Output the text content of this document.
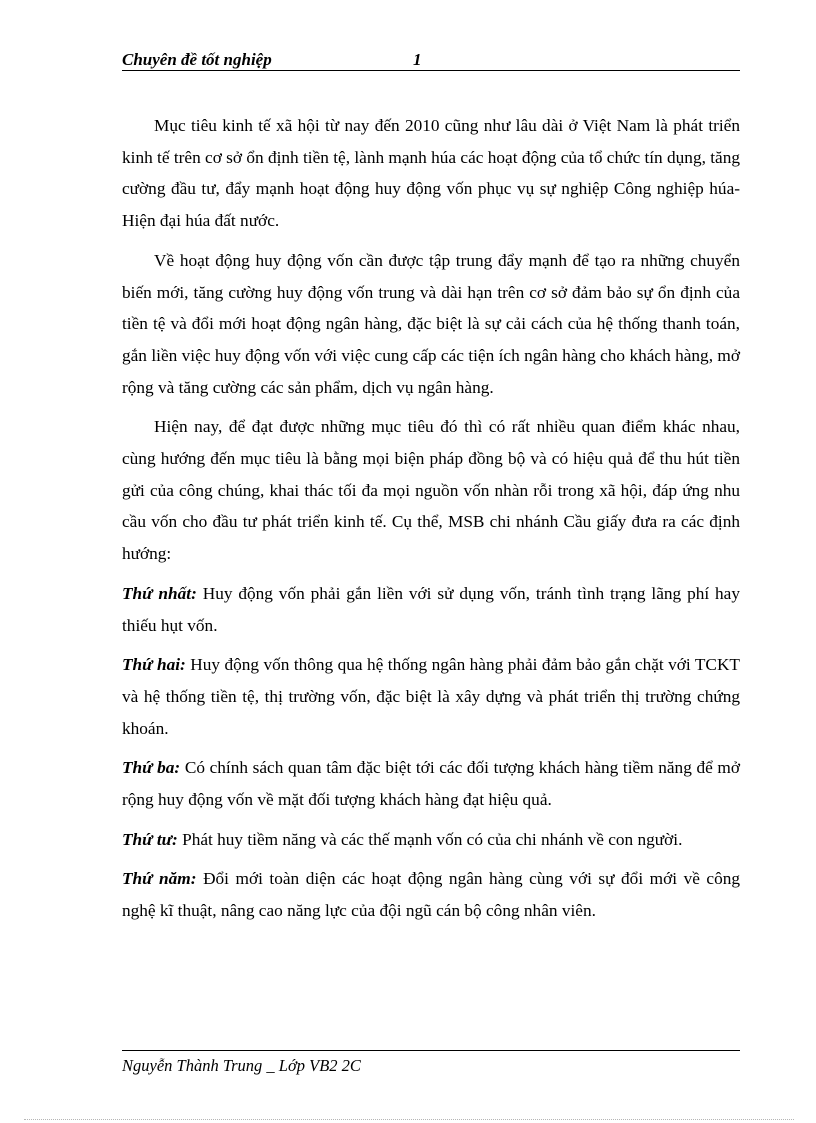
Chuyên đề tốt nghiệp	1

Mục tiêu kinh tế xã hội từ nay đến 2010 cũng như lâu dài ở Việt Nam là phát triển kinh tế trên cơ sở ổn định tiền tệ, lành mạnh húa các hoạt động của tổ chức tín dụng, tăng cường đầu tư, đẩy mạnh hoạt động huy động vốn phục vụ sự nghiệp Công nghiệp húa- Hiện đại húa đất nước.

Về hoạt động huy động vốn cần được tập trung đẩy mạnh để tạo ra những chuyển biến mới, tăng cường huy động vốn trung và dài hạn trên cơ sở đảm bảo sự ổn định của tiền tệ và đổi mới hoạt động ngân hàng, đặc biệt là sự cải cách của hệ thống thanh toán, gắn liền việc huy động vốn với việc cung cấp các tiện ích ngân hàng cho khách hàng, mở rộng và tăng cường các sản phẩm, dịch vụ ngân hàng.

Hiện nay, để đạt được những mục tiêu đó thì có rất nhiều quan điểm khác nhau, cùng hướng đến mục tiêu là bằng mọi biện pháp đồng bộ và có hiệu quả để thu hút tiền gửi của công chúng, khai thác tối đa mọi nguồn vốn nhàn rỗi trong xã hội, đáp ứng nhu cầu vốn cho đầu tư phát triển kinh tế. Cụ thể, MSB chi nhánh Cầu giấy đưa ra các định hướng:

Thứ nhất: Huy động vốn phải gắn liền với sử dụng vốn, tránh tình trạng lãng phí hay thiếu hụt vốn.

Thứ hai: Huy động vốn thông qua hệ thống ngân hàng phải đảm bảo gắn chặt với TCKT và hệ thống tiền tệ, thị trường vốn, đặc biệt là xây dựng và phát triển thị trường chứng khoán.

Thứ ba: Có chính sách quan tâm đặc biệt tới các đối tượng khách hàng tiềm năng để mở rộng huy động vốn về mặt đối tượng khách hàng đạt hiệu quả.

Thứ tư: Phát huy tiềm năng và các thế mạnh vốn có của chi nhánh về con người.

Thứ năm: Đổi mới toàn diện các hoạt động ngân hàng cùng với sự đổi mới về công nghệ kĩ thuật, nâng cao năng lực của đội ngũ cán bộ công nhân viên.

Nguyễn Thành Trung _ Lớp VB2 2C
